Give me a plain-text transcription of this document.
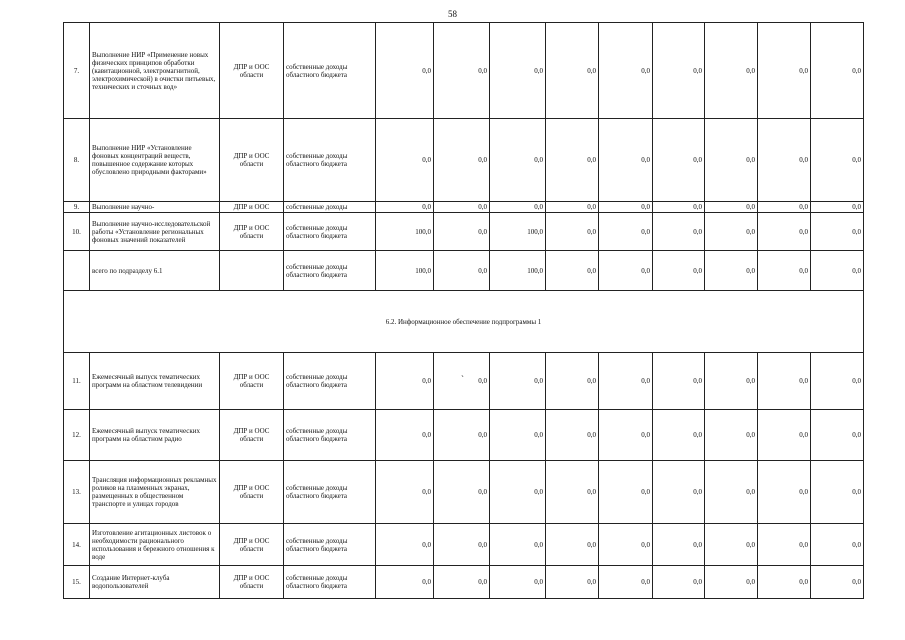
58
7.	Выполнение НИР «Применение новых физических принципов обработки (кавитационной, электромагнитной, электрохимической) в очистки питьевых, технических и сточных вод»	ДПР и ООС области	собственные доходы областного бюджета	0,0	0,0	0,0	0,0	0,0	0,0	0,0	0,0	0,0

8.	Выполнение НИР «Установление фоновых концентраций веществ, повышенное содержание которых обусловлено природными факторами»	ДПР и ООС области	собственные доходы областного бюджета	0,0	0,0	0,0	0,0	0,0	0,0	0,0	0,0	0,0

9.	Выполнение научно-	ДПР и ООС	собственные доходы	0,0	0,0	0,0	0,0	0,0	0,0	0,0	0,0	0,0

10.	Выполнение научно-исследовательской работы «Установление региональных фоновых значений показателей	ДПР и ООС области	собственные доходы областного бюджета	100,0	0,0	100,0	0,0	0,0	0,0	0,0	0,0	0,0

	всего по подразделу 6.1		собственные доходы областного бюджета	100,0	0,0	100,0	0,0	0,0	0,0	0,0	0,0	0,0

6.2. Информационное обеспечение подпрограммы 1												

11.	Ежемесячный выпуск тематических программ на областном телевидении	ДПР и ООС области	собственные доходы областного бюджета	0,0	0,0	0,0	0,0	0,0	0,0	0,0	0,0	0,0

12.	Ежемесячный выпуск тематических программ на областном радио	ДПР и ООС области	собственные доходы областного бюджета	0,0	0,0	0,0	0,0	0,0	0,0	0,0	0,0	0,0

13.	Трансляция информационных рекламных роликов на плазменных экранах, размещенных в общественном транспорте и улицах городов	ДПР и ООС области	собственные доходы областного бюджета	0,0	0,0	0,0	0,0	0,0	0,0	0,0	0,0	0,0

14.	Изготовление агитационных листовок о необходимости рационального использования и бережного отношения к воде	ДПР и ООС области	собственные доходы областного бюджета	0,0	0,0	0,0	0,0	0,0	0,0	0,0	0,0	0,0

15.	Создание Интернет-клуба водопользователей	ДПР и ООС области	собственные доходы областного бюджета	0,0	0,0	0,0	0,0	0,0	0,0	0,0	0,0	0,0
`
